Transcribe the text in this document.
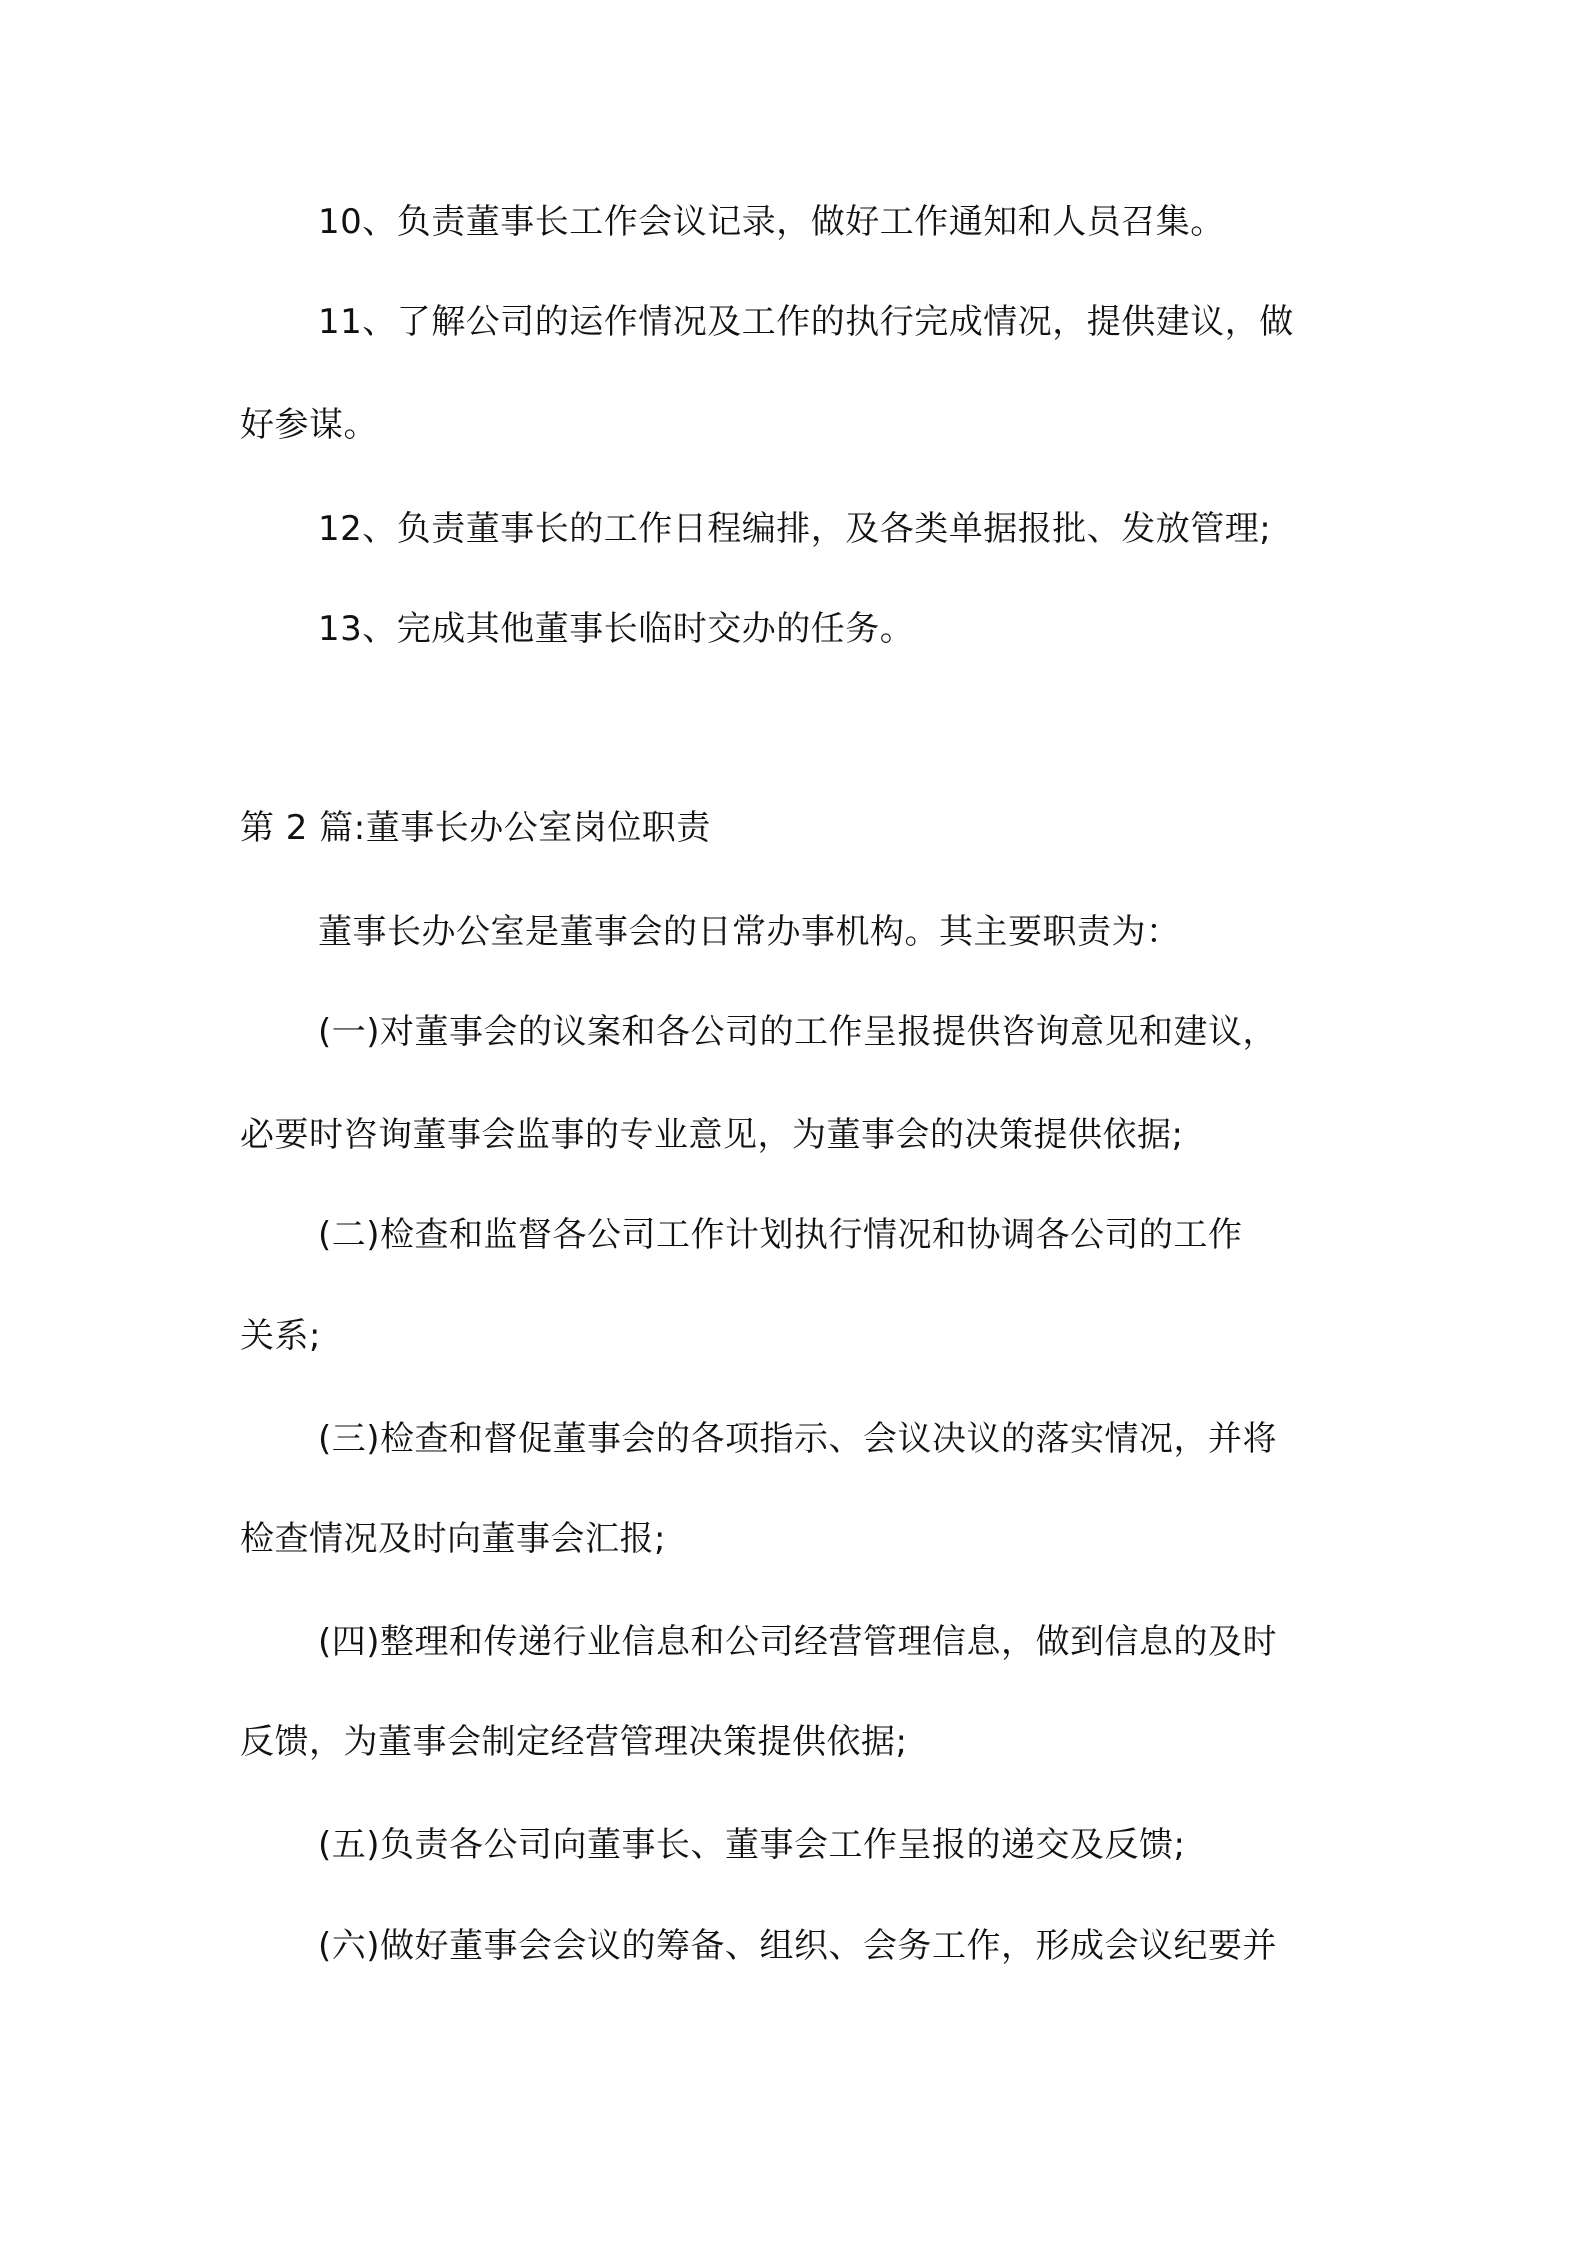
10、负责董事长工作会议记录，做好工作通知和人员召集。
11、了解公司的运作情况及工作的执行完成情况，提供建议，做
好参谋。
12、负责董事长的工作日程编排，及各类单据报批、发放管理;
13、完成其他董事长临时交办的任务。
第 2 篇:董事长办公室岗位职责
董事长办公室是董事会的日常办事机构。其主要职责为：
(一)对董事会的议案和各公司的工作呈报提供咨询意见和建议，
必要时咨询董事会监事的专业意见，为董事会的决策提供依据;
(二)检查和监督各公司工作计划执行情况和协调各公司的工作
关系;
(三)检查和督促董事会的各项指示、会议决议的落实情况，并将
检查情况及时向董事会汇报;
(四)整理和传递行业信息和公司经营管理信息，做到信息的及时
反馈，为董事会制定经营管理决策提供依据;
(五)负责各公司向董事长、董事会工作呈报的递交及反馈;
(六)做好董事会会议的筹备、组织、会务工作，形成会议纪要并
